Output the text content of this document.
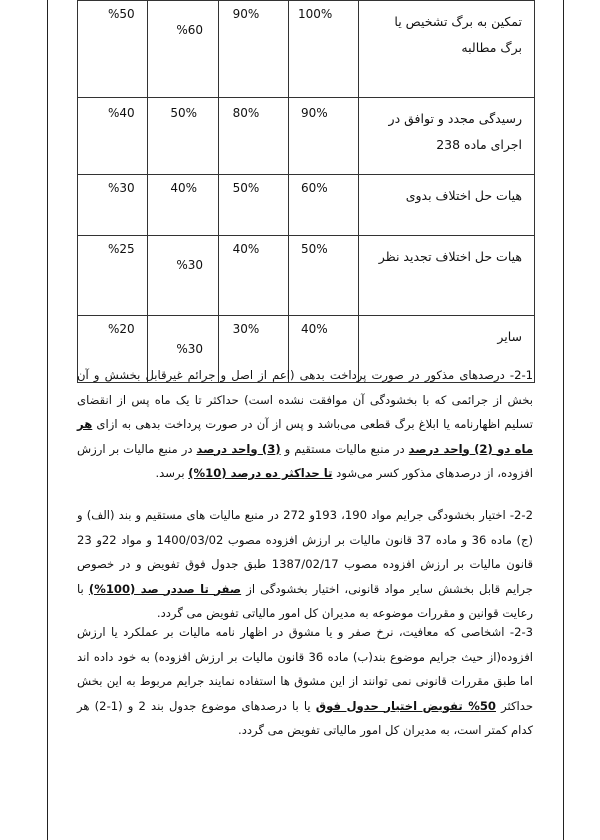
تمکین به برگ تشخیص یا برگ مطالبه	100%	90%	%60	%50

رسیدگی مجدد و توافق در اجرای ماده 238	90%	80%	50%	%40

هیات حل اختلاف بدوی	60%	50%	40%	%30

هیات حل اختلاف تجدید نظر	50%	40%	%30	%25

سایر	40%	30%	%30	%20

2-1- درصدهای مذکور در صورت پرداخت بدهی (اعم از اصل و جرائم غیرقابل بخشش و آن بخش از جرائمی که با بخشودگی آن موافقت نشده است) حداکثر تا یک ماه پس از انقضای تسلیم اظهارنامه یا ابلاغ برگ قطعی می‌باشد و پس از آن در صورت پرداخت بدهی به ازای هر ماه دو (2) واحد درصد در منبع مالیات مستقیم و (3) واحد درصد در منبع مالیات بر ارزش افزوده، از درصدهای مذکور کسر می‌شود تا حداکثر ده درصد (10%) برسد.

2-2- اختیار بخشودگی جرایم مواد 190، 193و 272 در منبع مالیات های مستقیم و بند (الف) و (ج) ماده 36 و ماده 37 قانون مالیات بر ارزش افزوده مصوب 1400/03/02 و مواد 22و 23 قانون مالیات بر ارزش افزوده مصوب 1387/02/17 طبق جدول فوق تفویض و در خصوص جرایم قابل بخشش سایر مواد قانونی، اختیار بخشودگی از صفر تا صددر صد (100%) با رعایت قوانین و مقررات موضوعه به مدیران کل امور مالیاتی تفویض می گردد.

2-3- اشخاصی که معافیت، نرخ صفر و یا مشوق در اظهار نامه مالیات بر عملکرد یا ارزش افزوده(از حیث جرایم موضوع بند(ب) ماده 36 قانون مالیات بر ارزش افزوده) به خود داده اند اما طبق مقررات قانونی نمی توانند از این مشوق ها استفاده نمایند جرایم مربوط به این بخش حداکثر 50% تفویض اختیار جدول فوق یا با درصدهای موضوع جدول بند 2 و (1-2) هر کدام کمتر است، به مدیران کل امور مالیاتی تفویض می گردد.
